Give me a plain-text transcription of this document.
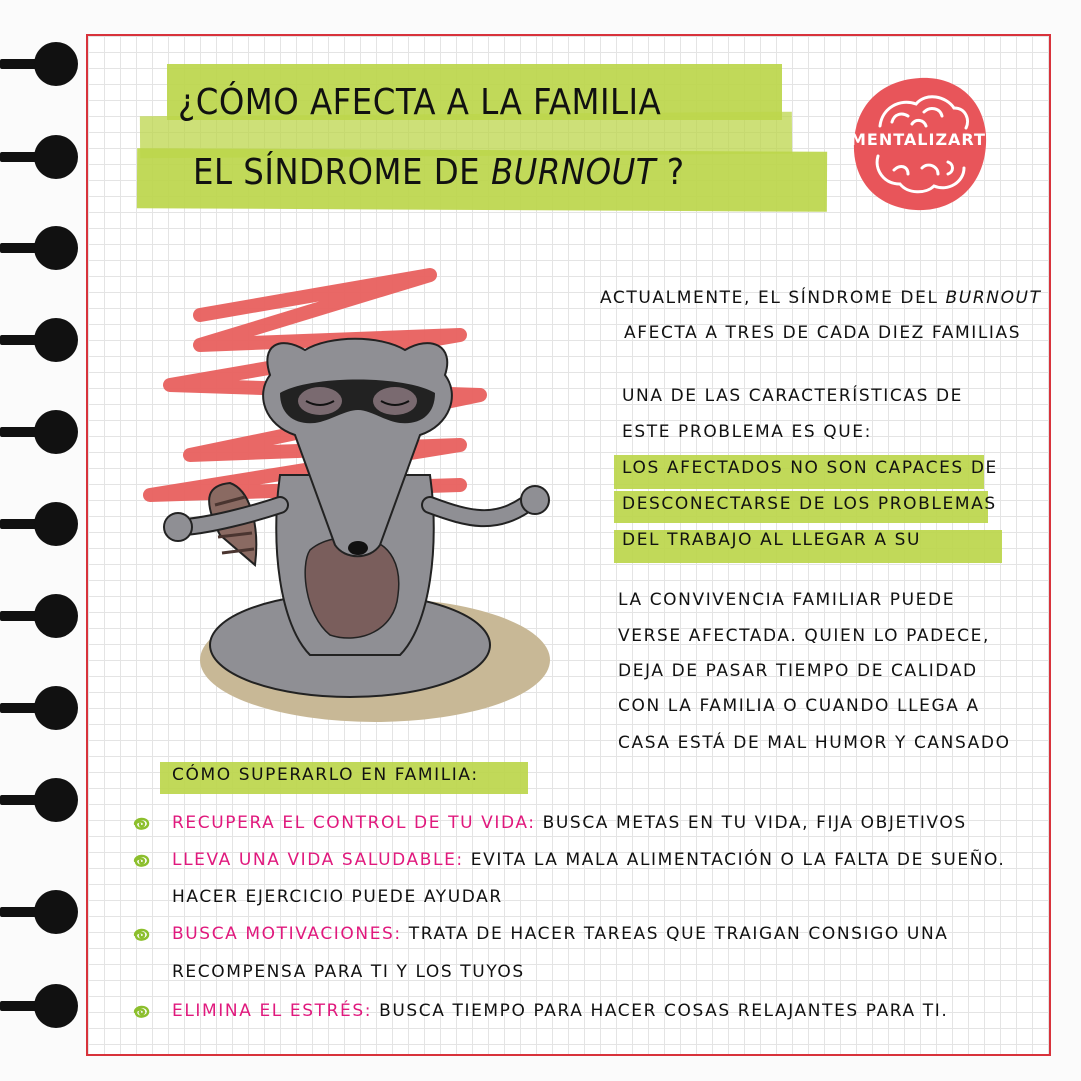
¿CÓMO AFECTA A LA FAMILIA
EL SÍNDROME DE BURNOUT ?
MENTALIZARTE
ACTUALMENTE, EL SÍNDROME DEL BURNOUT
AFECTA A TRES DE CADA DIEZ FAMILIAS
UNA DE LAS CARACTERÍSTICAS DE
ESTE PROBLEMA ES QUE:
LOS AFECTADOS NO SON CAPACES DE
DESCONECTARSE DE LOS PROBLEMAS
DEL TRABAJO AL LLEGAR A SU
LA CONVIVENCIA FAMILIAR PUEDE
VERSE AFECTADA. QUIEN LO PADECE,
DEJA DE PASAR TIEMPO DE CALIDAD
CON LA FAMILIA O CUANDO LLEGA A
CASA ESTÁ DE MAL HUMOR Y CANSADO
CÓMO SUPERARLO EN FAMILIA:
RECUPERA EL CONTROL DE TU VIDA: BUSCA METAS EN TU VIDA, FIJA OBJETIVOS
LLEVA UNA VIDA SALUDABLE: EVITA LA MALA ALIMENTACIÓN O LA FALTA DE SUEÑO.
HACER EJERCICIO PUEDE AYUDAR
BUSCA MOTIVACIONES: TRATA DE HACER TAREAS QUE TRAIGAN CONSIGO UNA
RECOMPENSA PARA TI Y LOS TUYOS
ELIMINA EL ESTRÉS: BUSCA TIEMPO PARA HACER COSAS RELAJANTES PARA TI.
